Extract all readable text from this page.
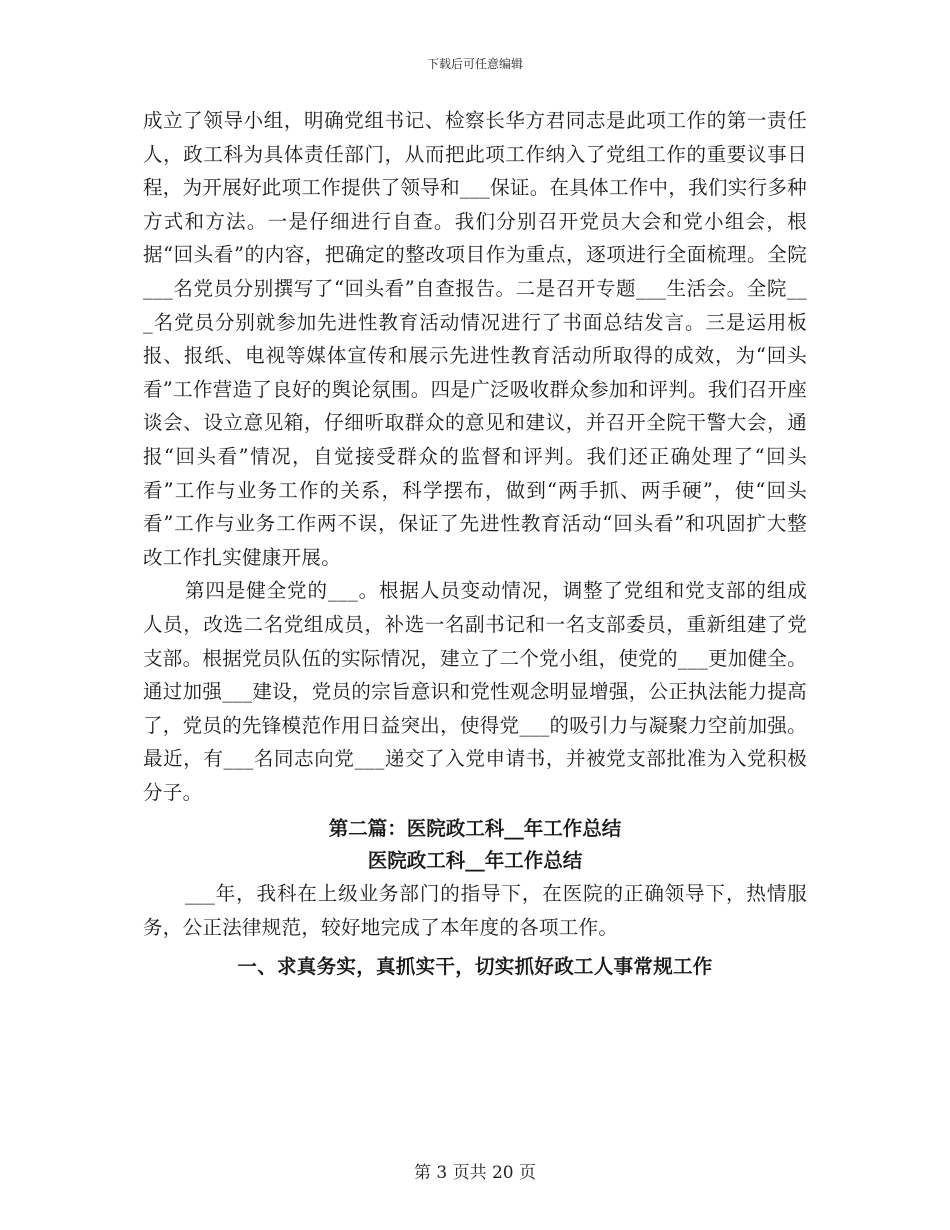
下载后可任意编辑

成立了领导小组，明确党组书记、检察长华方君同志是此项工作的第一责任人，政工科为具体责任部门，从而把此项工作纳入了党组工作的重要议事日程，为开展好此项工作提供了领导和___保证。在具体工作中，我们实行多种方式和方法。一是仔细进行自查。我们分别召开党员大会和党小组会，根据“回头看”的内容，把确定的整改项目作为重点，逐项进行全面梳理。全院___名党员分别撰写了“回头看”自查报告。二是召开专题___生活会。全院___名党员分别就参加先进性教育活动情况进行了书面总结发言。三是运用板报、报纸、电视等媒体宣传和展示先进性教育活动所取得的成效，为“回头看”工作营造了良好的舆论氛围。四是广泛吸收群众参加和评判。我们召开座谈会、设立意见箱，仔细听取群众的意见和建议，并召开全院干警大会，通报“回头看”情况，自觉接受群众的监督和评判。我们还正确处理了“回头看”工作与业务工作的关系，科学摆布，做到“两手抓、两手硬”，使“回头看”工作与业务工作两不误，保证了先进性教育活动“回头看”和巩固扩大整改工作扎实健康开展。

第四是健全党的___。根据人员变动情况，调整了党组和党支部的组成人员，改选二名党组成员，补选一名副书记和一名支部委员，重新组建了党支部。根据党员队伍的实际情况，建立了二个党小组，使党的___更加健全。通过加强___建设，党员的宗旨意识和党性观念明显增强，公正执法能力提高了，党员的先锋模范作用日益突出，使得党___的吸引力与凝聚力空前加强。最近，有___名同志向党___递交了入党申请书，并被党支部批准为入党积极分子。

第二篇：医院政工科__年工作总结

医院政工科__年工作总结

___年，我科在上级业务部门的指导下，在医院的正确领导下，热情服务，公正法律规范，较好地完成了本年度的各项工作。

一、求真务实，真抓实干，切实抓好政工人事常规工作

第 3 页共 20 页
